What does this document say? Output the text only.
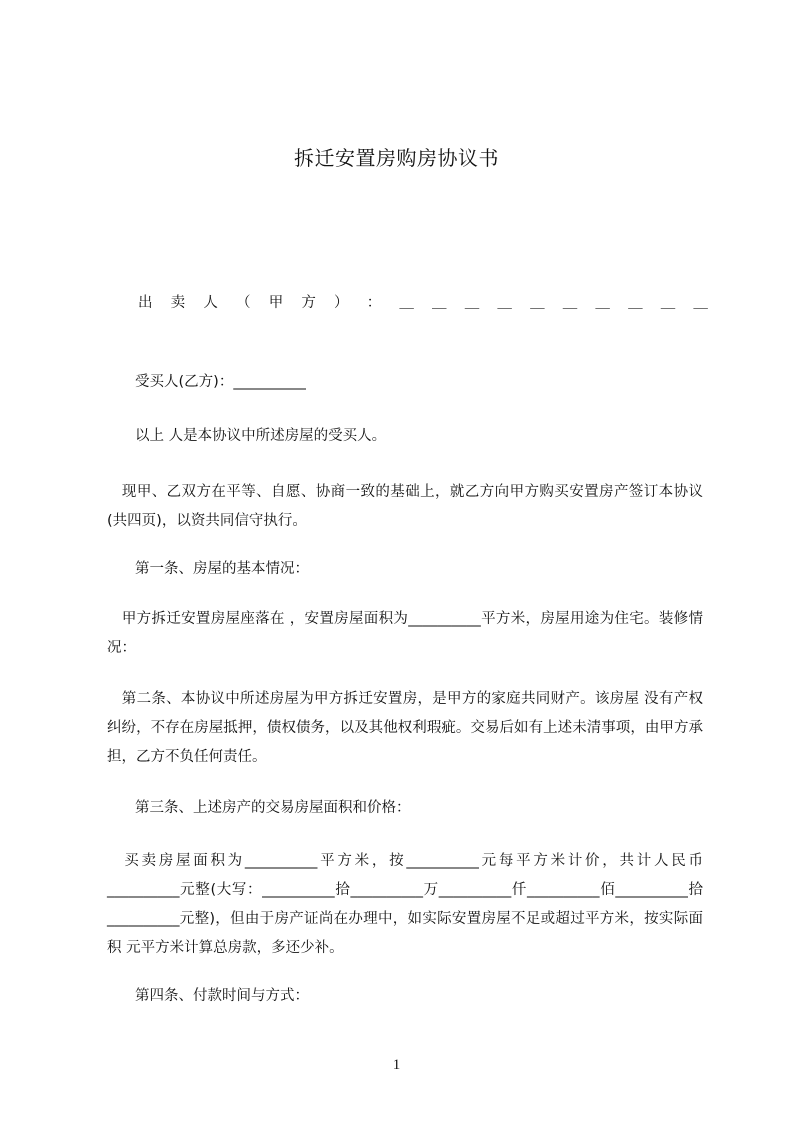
拆迁安置房购房协议书
出 卖 人 （ 甲 方 ） ： ＿ ＿ ＿ ＿ ＿ ＿ ＿ ＿ ＿ ＿

受买人(乙方)：__________

以上 人是本协议中所述房屋的受买人。

　现甲、乙双方在平等、自愿、协商一致的基础上，就乙方向甲方购买安置房产签订本协议(共四页)，以资共同信守执行。

第一条、房屋的基本情况：

　甲方拆迁安置房屋座落在 ，安置房屋面积为__________平方米，房屋用途为住宅。装修情况：

　第二条、本协议中所述房屋为甲方拆迁安置房，是甲方的家庭共同财产。该房屋 没有产权纠纷，不存在房屋抵押，债权债务，以及其他权利瑕疵。交易后如有上述未清事项，由甲方承担，乙方不负任何责任。

第三条、上述房产的交易房屋面积和价格：

　买卖房屋面积为__________平方米，按__________元每平方米计价，共计人民币 __________元整(大写：__________拾__________万__________仟__________佰__________拾__________元整)，但由于房产证尚在办理中，如实际安置房屋不足或超过平方米，按实际面积 元平方米计算总房款，多还少补。

第四条、付款时间与方式：

1
